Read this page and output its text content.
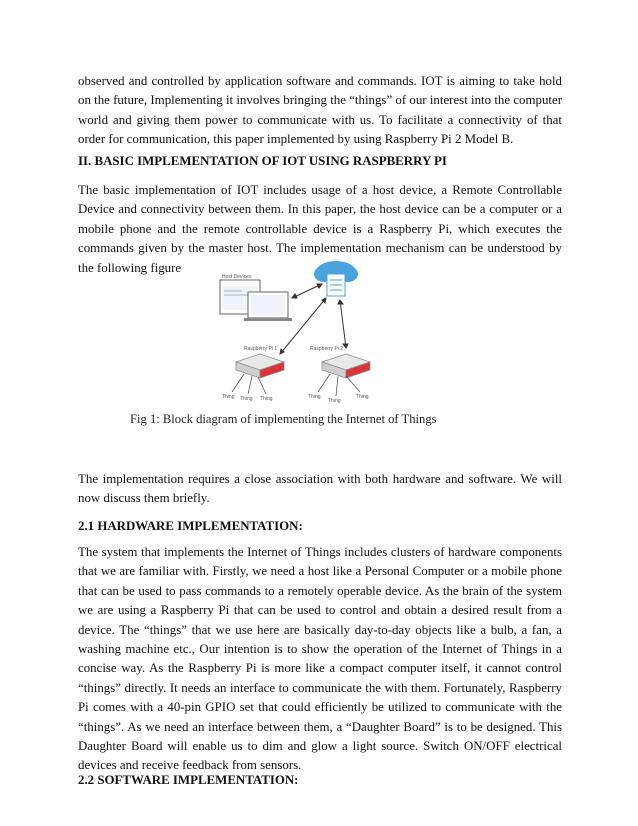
observed and controlled by application software and commands. IOT is aiming to take hold on the future, Implementing it involves bringing the “things” of our interest into the computer world and giving them power to communicate with us. To facilitate a connectivity of that order for communication, this paper implemented by using Raspberry Pi 2 Model B.

II. BASIC IMPLEMENTATION OF IOT USING RASPBERRY PI

The basic implementation of IOT includes usage of a host device, a Remote Controllable Device and connectivity between them. In this paper, the host device can be a computer or a mobile phone and the remote controllable device is a Raspberry Pi, which executes the commands given by the master host. The implementation mechanism can be understood by the following figure

Host Devices
Raspberry Pi 1
Thing Thing Thing
Raspberry Pi 2
Thing
Thing
Thing
Fig 1: Block diagram of implementing the Internet of Things

The implementation requires a close association with both hardware and software. We will now discuss them briefly.

2.1 HARDWARE IMPLEMENTATION:

The system that implements the Internet of Things includes clusters of hardware components that we are familiar with. Firstly, we need a host like a Personal Computer or a mobile phone that can be used to pass commands to a remotely operable device. As the brain of the system we are using a Raspberry Pi that can be used to control and obtain a desired result from a device. The “things” that we use here are basically day-to-day objects like a bulb, a fan, a washing machine etc., Our intention is to show the operation of the Internet of Things in a concise way. As the Raspberry Pi is more like a compact computer itself, it cannot control “things” directly. It needs an interface to communicate the with them. Fortunately, Raspberry Pi comes with a 40-pin GPIO set that could efficiently be utilized to communicate with the “things”. As we need an interface between them, a “Daughter Board” is to be designed. This Daughter Board will enable us to dim and glow a light source. Switch ON/OFF electrical devices and receive feedback from sensors.

2.2 SOFTWARE IMPLEMENTATION:
